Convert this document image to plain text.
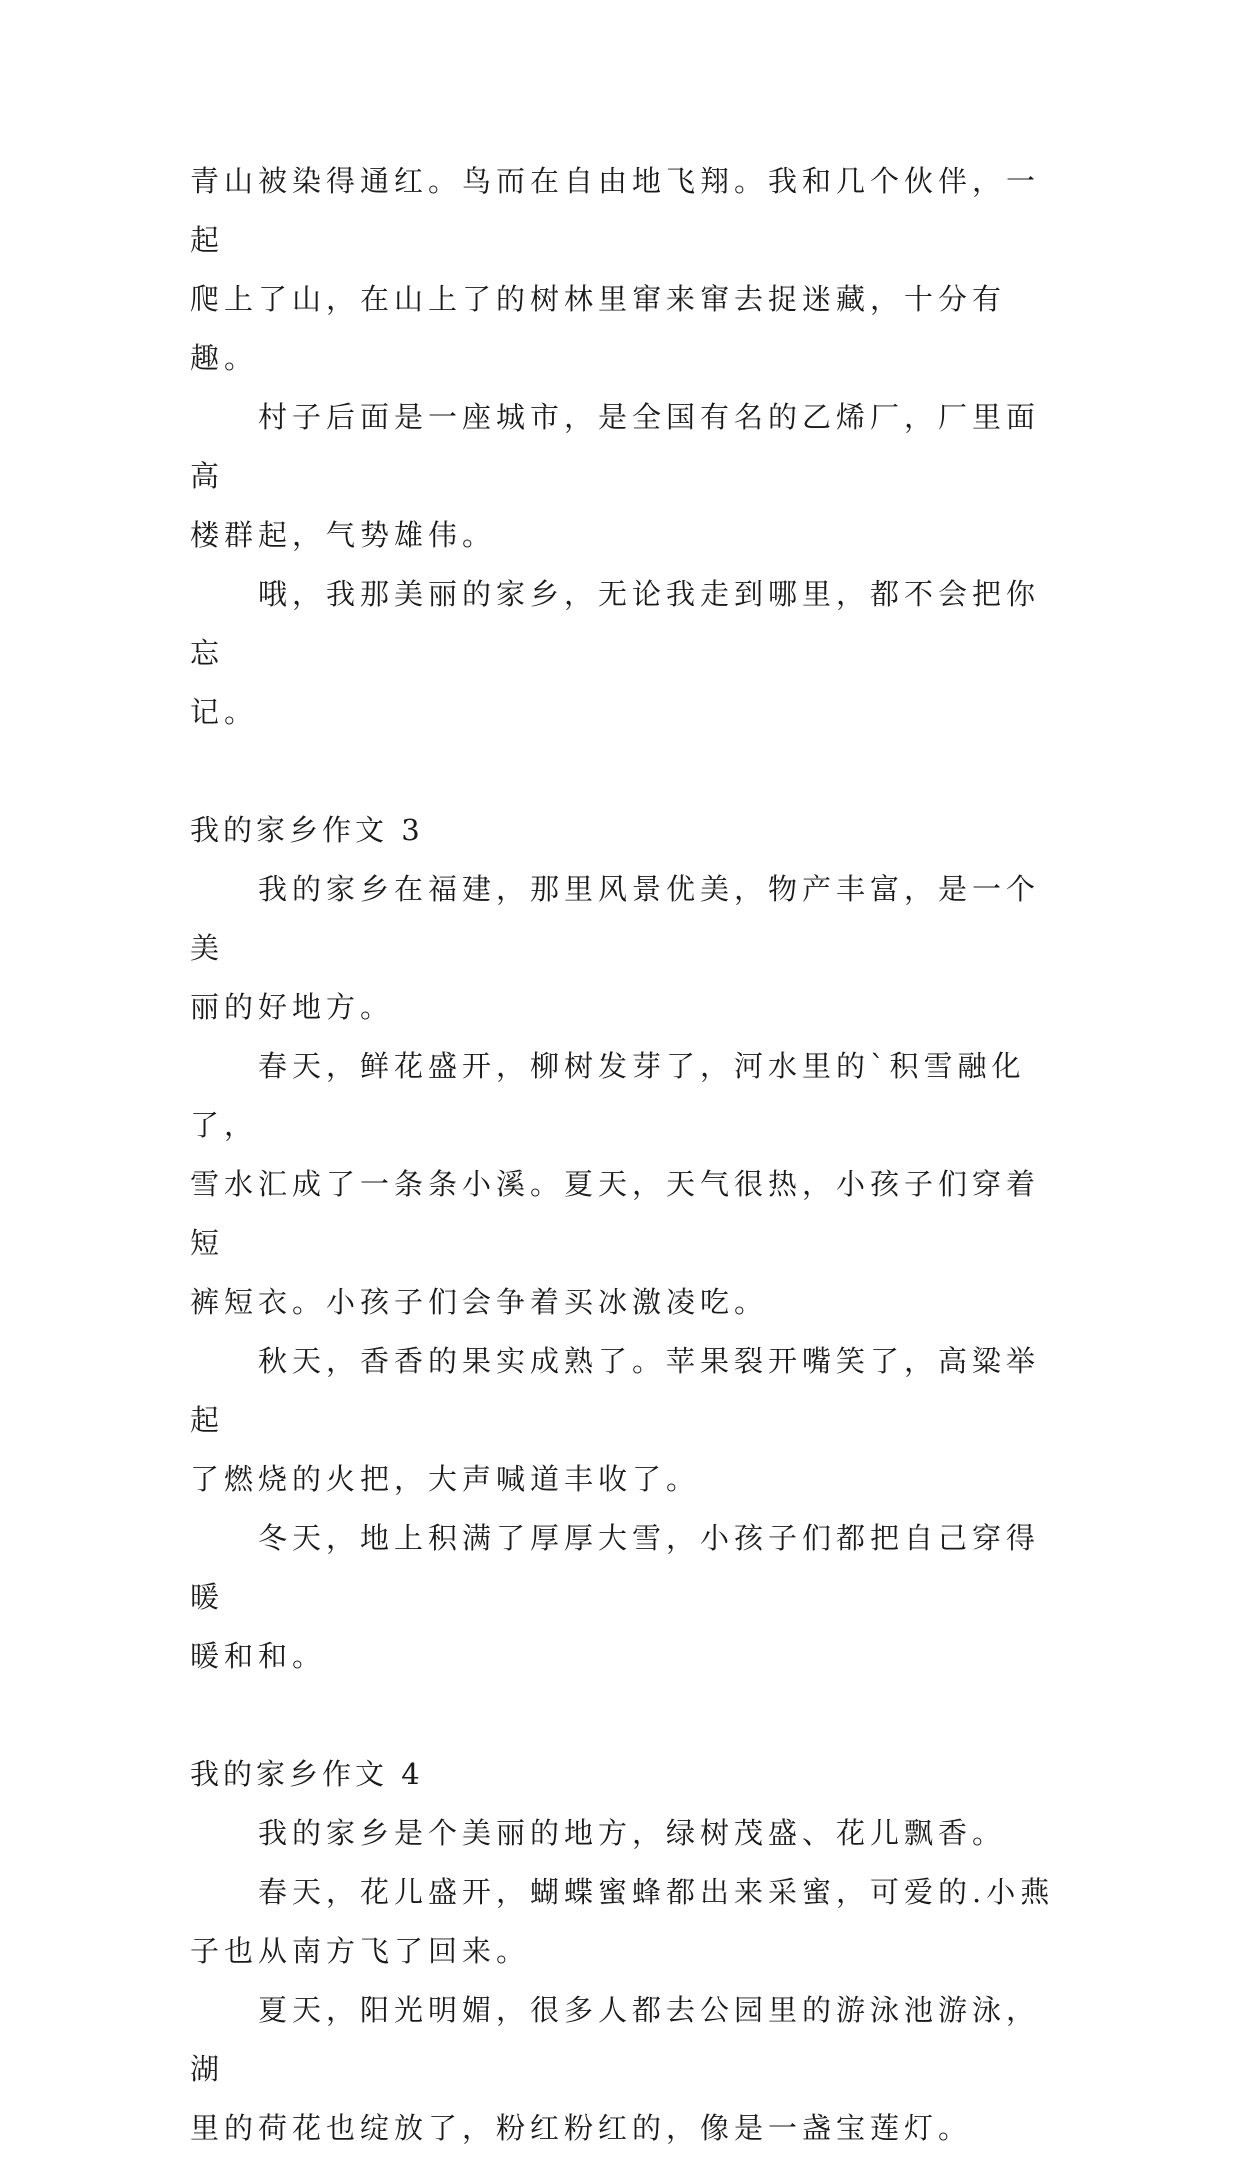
青山被染得通红。鸟而在自由地飞翔。我和几个伙伴，一起
爬上了山，在山上了的树林里窜来窜去捉迷藏，十分有趣。

村子后面是一座城市，是全国有名的乙烯厂，厂里面高
楼群起，气势雄伟。

哦，我那美丽的家乡，无论我走到哪里，都不会把你忘
记。

我的家乡作文 3

我的家乡在福建，那里风景优美，物产丰富，是一个美
丽的好地方。

春天，鲜花盛开，柳树发芽了，河水里的`积雪融化了，
雪水汇成了一条条小溪。夏天，天气很热，小孩子们穿着短
裤短衣。小孩子们会争着买冰激凌吃。

秋天，香香的果实成熟了。苹果裂开嘴笑了，高粱举起
了燃烧的火把，大声喊道丰收了。

冬天，地上积满了厚厚大雪，小孩子们都把自己穿得暖
暖和和。

我的家乡作文 4

我的家乡是个美丽的地方，绿树茂盛、花儿飘香。

春天，花儿盛开，蝴蝶蜜蜂都出来采蜜，可爱的.小燕
子也从南方飞了回来。

夏天，阳光明媚，很多人都去公园里的游泳池游泳，湖
里的荷花也绽放了，粉红粉红的，像是一盏宝莲灯。
